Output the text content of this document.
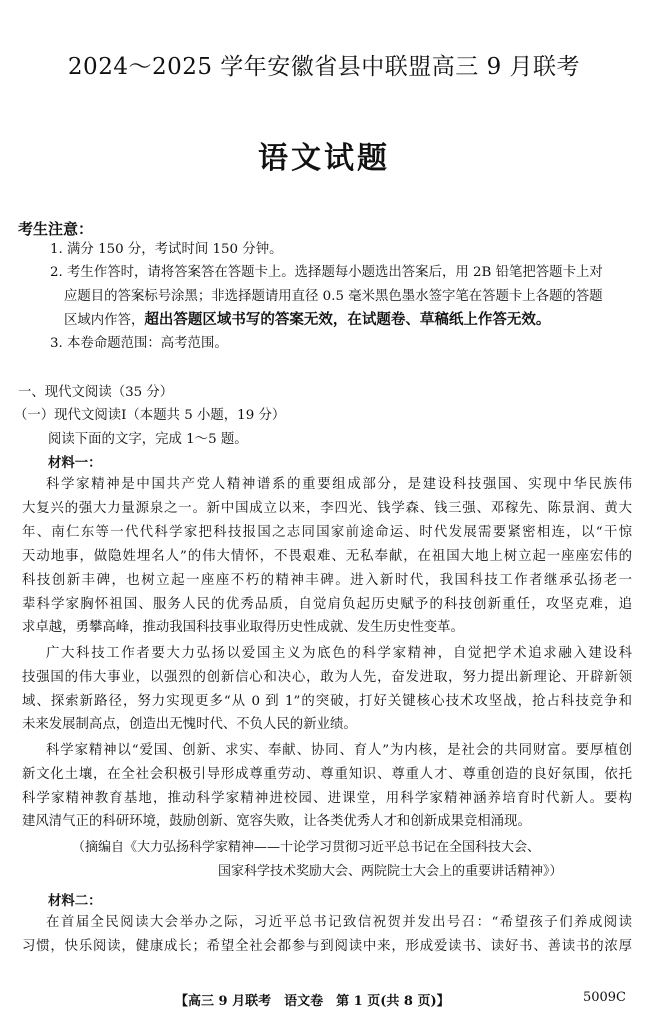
2024～2025 学年安徽省县中联盟高三 9 月联考
语文试题
考生注意：
1. 满分 150 分，考试时间 150 分钟。
2. 考生作答时，请将答案答在答题卡上。选择题每小题选出答案后，用 2B 铅笔把答题卡上对
应题目的答案标号涂黑；非选择题请用直径 0.5 毫米黑色墨水签字笔在答题卡上各题的答题
区域内作答，超出答题区域书写的答案无效，在试题卷、草稿纸上作答无效。
3. 本卷命题范围：高考范围。
一、现代文阅读（35 分）
（一）现代文阅读Ⅰ（本题共 5 小题，19 分）
阅读下面的文字，完成 1～5 题。
材料一：
科学家精神是中国共产党人精神谱系的重要组成部分，是建设科技强国、实现中华民族伟
大复兴的强大力量源泉之一。新中国成立以来，李四光、钱学森、钱三强、邓稼先、陈景润、黄大
年、南仁东等一代代科学家把科技报国之志同国家前途命运、时代发展需要紧密相连，以“干惊
天动地事，做隐姓埋名人”的伟大情怀，不畏艰难、无私奉献，在祖国大地上树立起一座座宏伟的
科技创新丰碑，也树立起一座座不朽的精神丰碑。进入新时代，我国科技工作者继承弘扬老一
辈科学家胸怀祖国、服务人民的优秀品质，自觉肩负起历史赋予的科技创新重任，攻坚克难，追
求卓越，勇攀高峰，推动我国科技事业取得历史性成就、发生历史性变革。
广大科技工作者要大力弘扬以爱国主义为底色的科学家精神，自觉把学术追求融入建设科
技强国的伟大事业，以强烈的创新信心和决心，敢为人先，奋发进取，努力提出新理论、开辟新领
域、探索新路径，努力实现更多“从 0 到 1”的突破，打好关键核心技术攻坚战，抢占科技竞争和
未来发展制高点，创造出无愧时代、不负人民的新业绩。
科学家精神以“爱国、创新、求实、奉献、协同、育人”为内核，是社会的共同财富。要厚植创
新文化土壤，在全社会积极引导形成尊重劳动、尊重知识、尊重人才、尊重创造的良好氛围，依托
科学家精神教育基地，推动科学家精神进校园、进课堂，用科学家精神涵养培育时代新人。要构
建风清气正的科研环境，鼓励创新、宽容失败，让各类优秀人才和创新成果竞相涌现。
（摘编自《大力弘扬科学家精神——十论学习贯彻习近平总书记在全国科技大会、
国家科学技术奖励大会、两院院士大会上的重要讲话精神》）
材料二：
在首届全民阅读大会举办之际，习近平总书记致信祝贺并发出号召：“希望孩子们养成阅读
习惯，快乐阅读，健康成长；希望全社会都参与到阅读中来，形成爱读书、读好书、善读书的浓厚
【高三 9 月联考　语文卷　第 1 页(共 8 页)】	5009C
